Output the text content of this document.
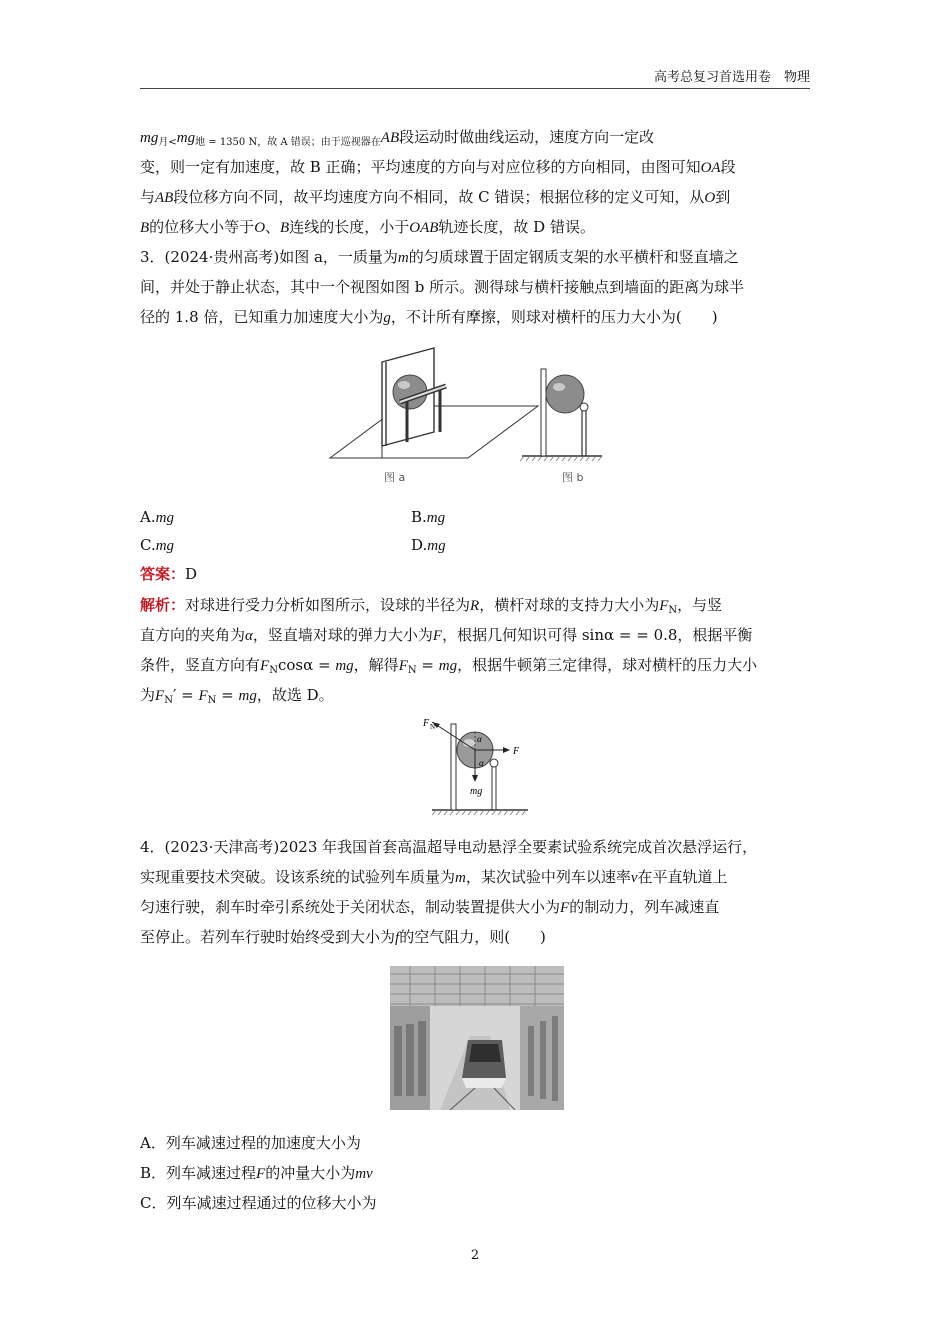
高考总复习首选用卷　物理
$mg_{月<}mg_{地 = 1350 N,故 A 错误;由于巡视器在}AB$段运动时做曲线运动，速度方向一定改
变，则一定有加速度，故 B 正确；平均速度的方向与对应位移的方向相同，由图可知OA段
与AB段位移方向不同，故平均速度方向不相同，故 C 错误；根据位移的定义可知，从O到
B的位移大小等于O、B连线的长度，小于OAB轨迹长度，故 D 错误。
3．(2024·贵州高考)如图 a，一质量为m的匀质球置于固定钢质支架的水平横杆和竖直墙之
间，并处于静止状态，其中一个视图如图 b 所示。测得球与横杆接触点到墙面的距离为球半
径的 1.8 倍，已知重力加速度大小为g，不计所有摩擦，则球对横杆的压力大小为(　　)
图 a	图 b
A.mg	B.mg
C.mg	D.mg
答案：D
解析：对球进行受力分析如图所示，设球的半径为R，横杆对球的支持力大小为$F_N$，与竖
直方向的夹角为α，竖直墙对球的弹力大小为F，根据几何知识可得 sinα = = 0.8，根据平衡
条件，竖直方向有$F_N\cos\alpha$ = mg，解得$F_N$ = mg，根据牛顿第三定律得，球对横杆的压力大小
为$F_N' = F_N$ = mg，故选 D。
F N
F
mg
α
α
4．(2023·天津高考)2023 年我国首套高温超导电动悬浮全要素试验系统完成首次悬浮运行，
实现重要技术突破。设该系统的试验列车质量为m，某次试验中列车以速率v在平直轨道上
匀速行驶，刹车时牵引系统处于关闭状态，制动装置提供大小为F的制动力，列车减速直
至停止。若列车行驶时始终受到大小为f的空气阻力，则(　　)
A．列车减速过程的加速度大小为
B．列车减速过程F的冲量大小为mv
C．列车减速过程通过的位移大小为
2
